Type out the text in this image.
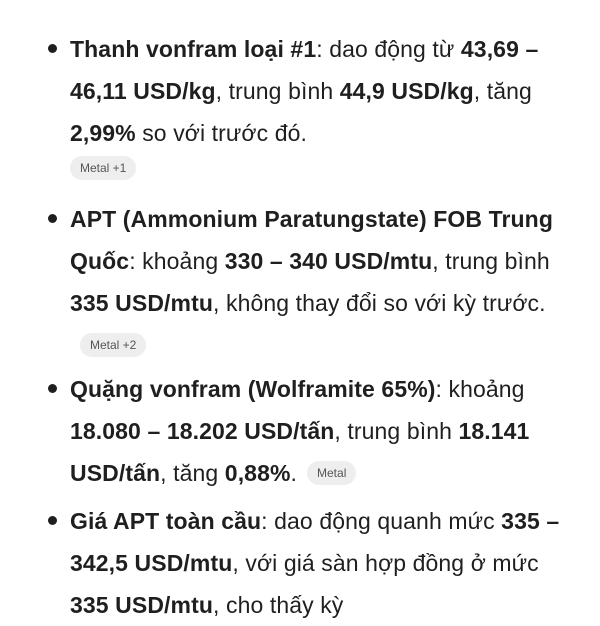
Thanh vonfram loại #1: dao động từ 43,69 – 46,11 USD/kg, trung bình 44,9 USD/kg, tăng 2,99% so với trước đó.
Metal +1
APT (Ammonium Paratungstate) FOB Trung Quốc: khoảng 330 – 340 USD/mtu, trung bình 335 USD/mtu, không thay đổi so với kỳ trước.Metal +2
Quặng vonfram (Wolframite 65%): khoảng 18.080 – 18.202 USD/tấn, trung bình 18.141 USD/tấn, tăng 0,88%. Metal
Giá APT toàn cầu: dao động quanh mức 335 – 342,5 USD/mtu, với giá sàn hợp đồng ở mức 335 USD/mtu, cho thấy kỳ
